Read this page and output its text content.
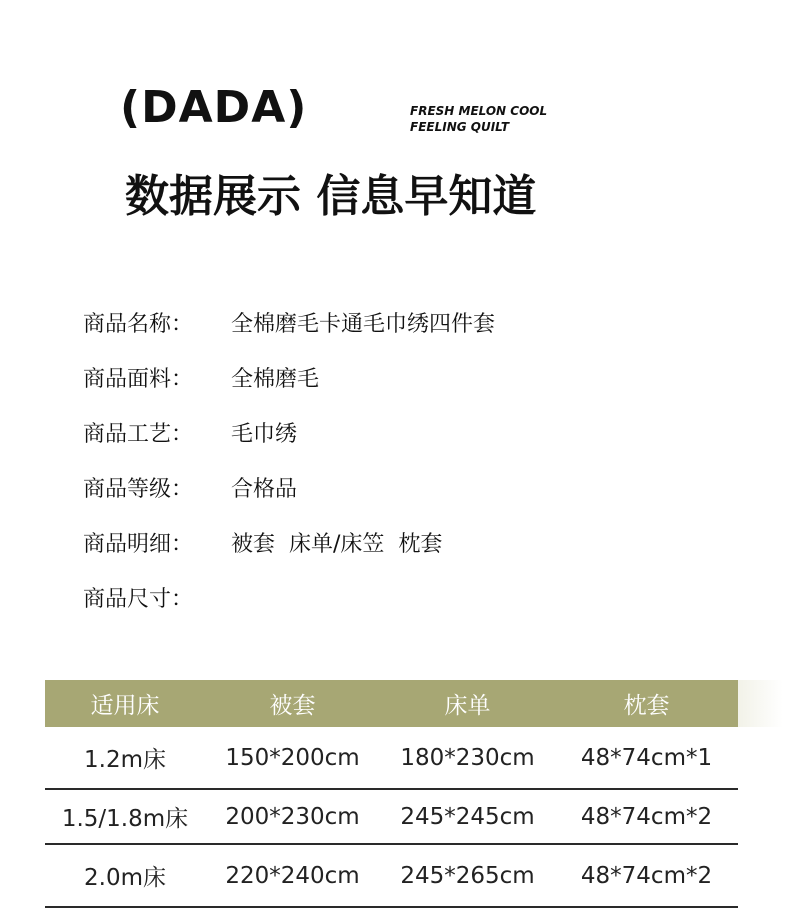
(DADA)	FRESH MELON COOL
FEELING QUILT
数据展示 信息早知道
商品名称： 全棉磨毛卡通毛巾绣四件套
商品面料： 全棉磨毛
商品工艺： 毛巾绣
商品等级： 合格品
商品明细： 被套  床单/床笠  枕套
商品尺寸：
适用床	被套	床单	枕套
1.2m床	150*200cm	180*230cm	48*74cm*1
1.5/1.8m床	200*230cm	245*245cm	48*74cm*2
2.0m床	220*240cm	245*265cm	48*74cm*2
